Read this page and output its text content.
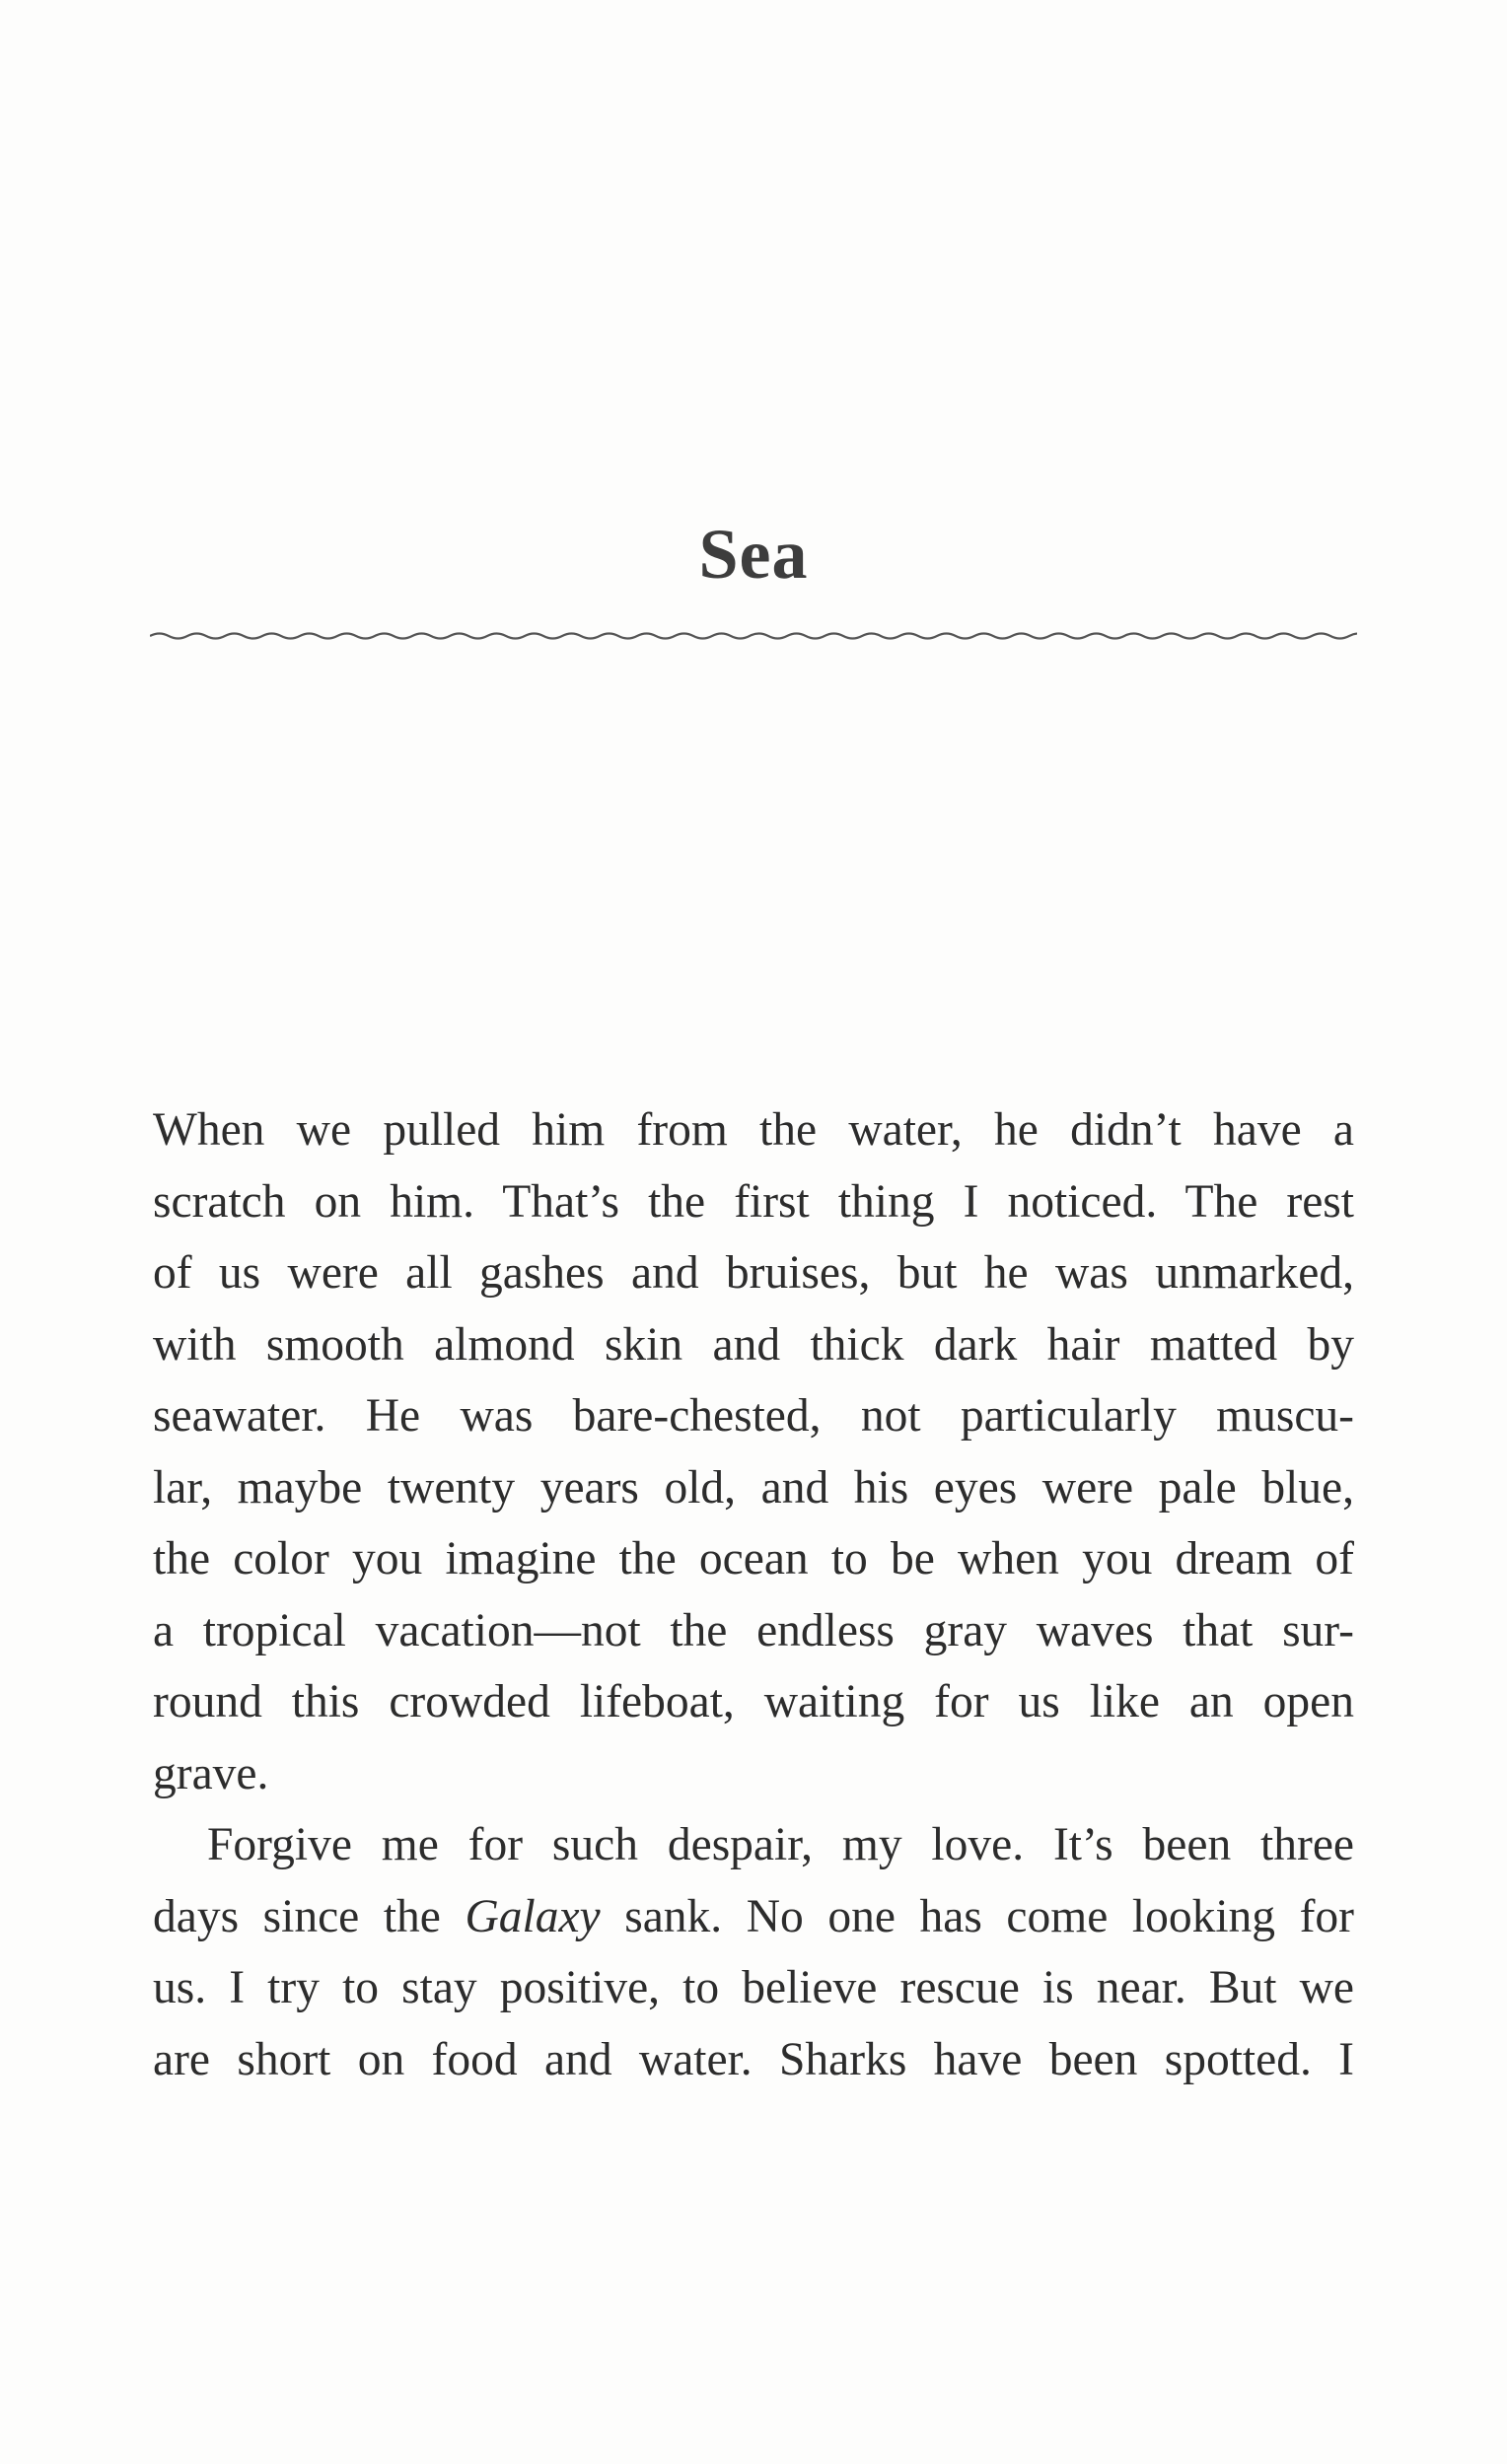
Sea
When we pulled him from the water, he didn’t have a
scratch on him. That’s the first thing I noticed. The rest
of us were all gashes and bruises, but he was unmarked,
with smooth almond skin and thick dark hair matted by
seawater. He was bare-chested, not particularly muscu-
lar, maybe twenty years old, and his eyes were pale blue,
the color you imagine the ocean to be when you dream of
a tropical vacation—not the endless gray waves that sur-
round this crowded lifeboat, waiting for us like an open
grave.
Forgive me for such despair, my love. It’s been three
days since the Galaxy sank. No one has come looking for
us. I try to stay positive, to believe rescue is near. But we
are short on food and water. Sharks have been spotted. I
